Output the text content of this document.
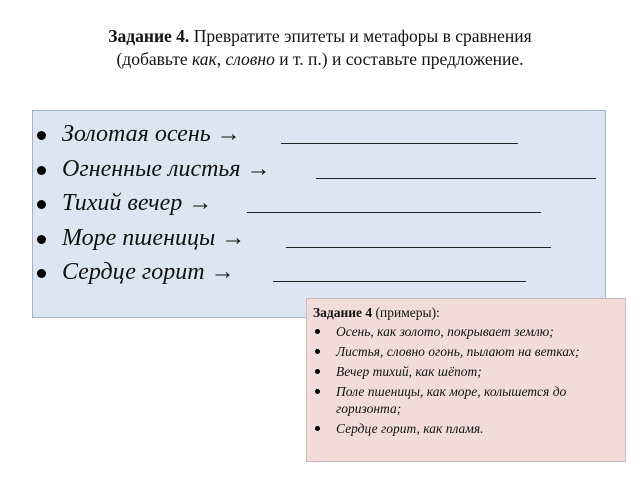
Задание 4. Превратите эпитеты и метафоры в сравнения
(добавьте как, словно и т. п.) и составьте предложение.
Золотая осень →
Огненные листья →
Тихий вечер →
Море пшеницы →
Сердце горит →
Задание 4 (примеры):
Осень, как золото, покрывает землю;
Листья, словно огонь, пылают на ветках;
Вечер тихий, как шёпот;
Поле пшеницы, как море, колышется до горизонта;
Сердце горит, как пламя.
